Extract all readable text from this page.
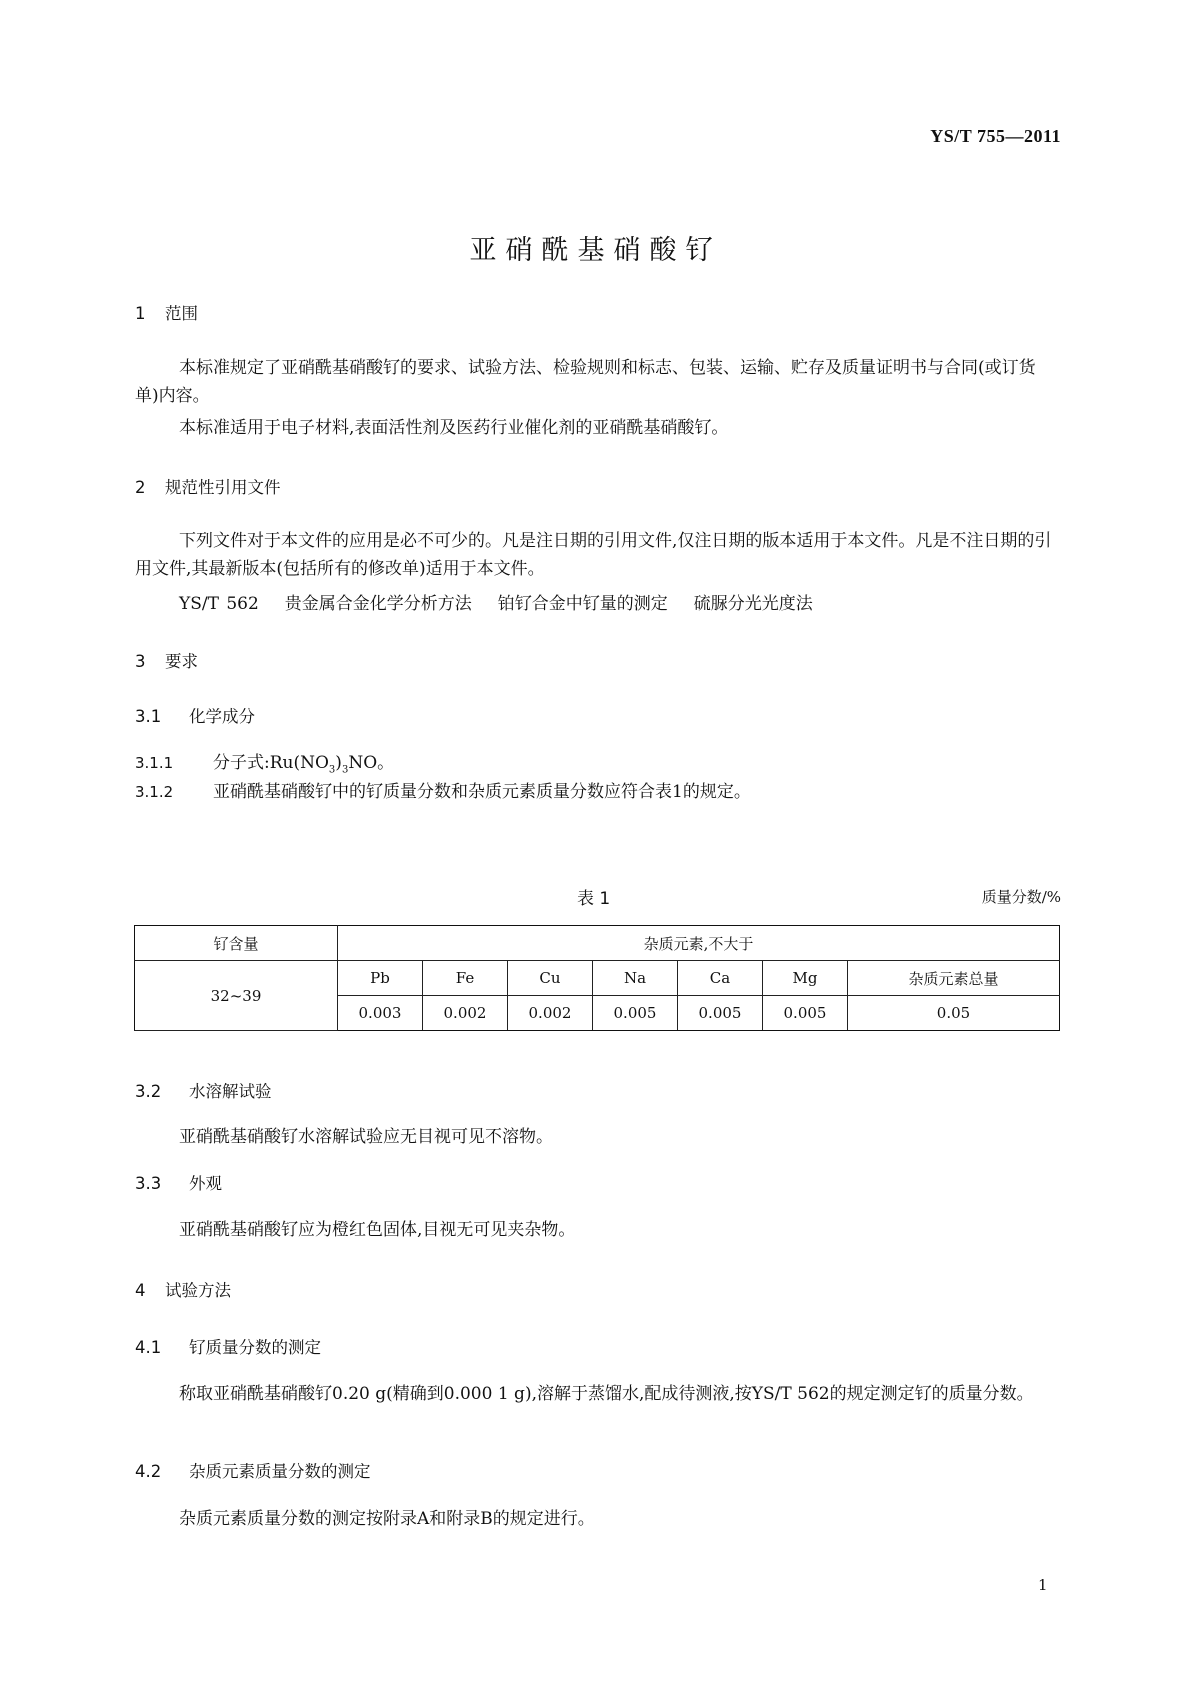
YS/T 755—2011
亚硝酰基硝酸钌
1 范围
本标准规定了亚硝酰基硝酸钌的要求、试验方法、检验规则和标志、包装、运输、贮存及质量证明书与合同(或订货单)内容。
本标准适用于电子材料,表面活性剂及医药行业催化剂的亚硝酰基硝酸钌。
2 规范性引用文件
下列文件对于本文件的应用是必不可少的。凡是注日期的引用文件,仅注日期的版本适用于本文件。凡是不注日期的引用文件,其最新版本(包括所有的修改单)适用于本文件。
YS/T 562 贵金属合金化学分析方法 铂钌合金中钌量的测定 硫脲分光光度法
3 要求
3.1 化学成分
3.1.1 分子式$:Ru(NO_3)_3NO$。
3.1.2 亚硝酰基硝酸钌中的钌质量分数和杂质元素质量分数应符合表1的规定。
表 1	质量分数/%
钌含量	杂质元素,不大于						
32~39	Pb	Fe	Cu	Na	Ca	Mg	杂质元素总量
	0.003	0.002	0.002	0.005	0.005	0.005	0.05
3.2 水溶解试验
亚硝酰基硝酸钌水溶解试验应无目视可见不溶物。
3.3 外观
亚硝酰基硝酸钌应为橙红色固体,目视无可见夹杂物。
4 试验方法
4.1 钌质量分数的测定
称取亚硝酰基硝酸钌0.20 g(精确到0.000 1 g),溶解于蒸馏水,配成待测液,按YS/T 562的规定测定钌的质量分数。
4.2 杂质元素质量分数的测定
杂质元素质量分数的测定按附录A和附录B的规定进行。
1
